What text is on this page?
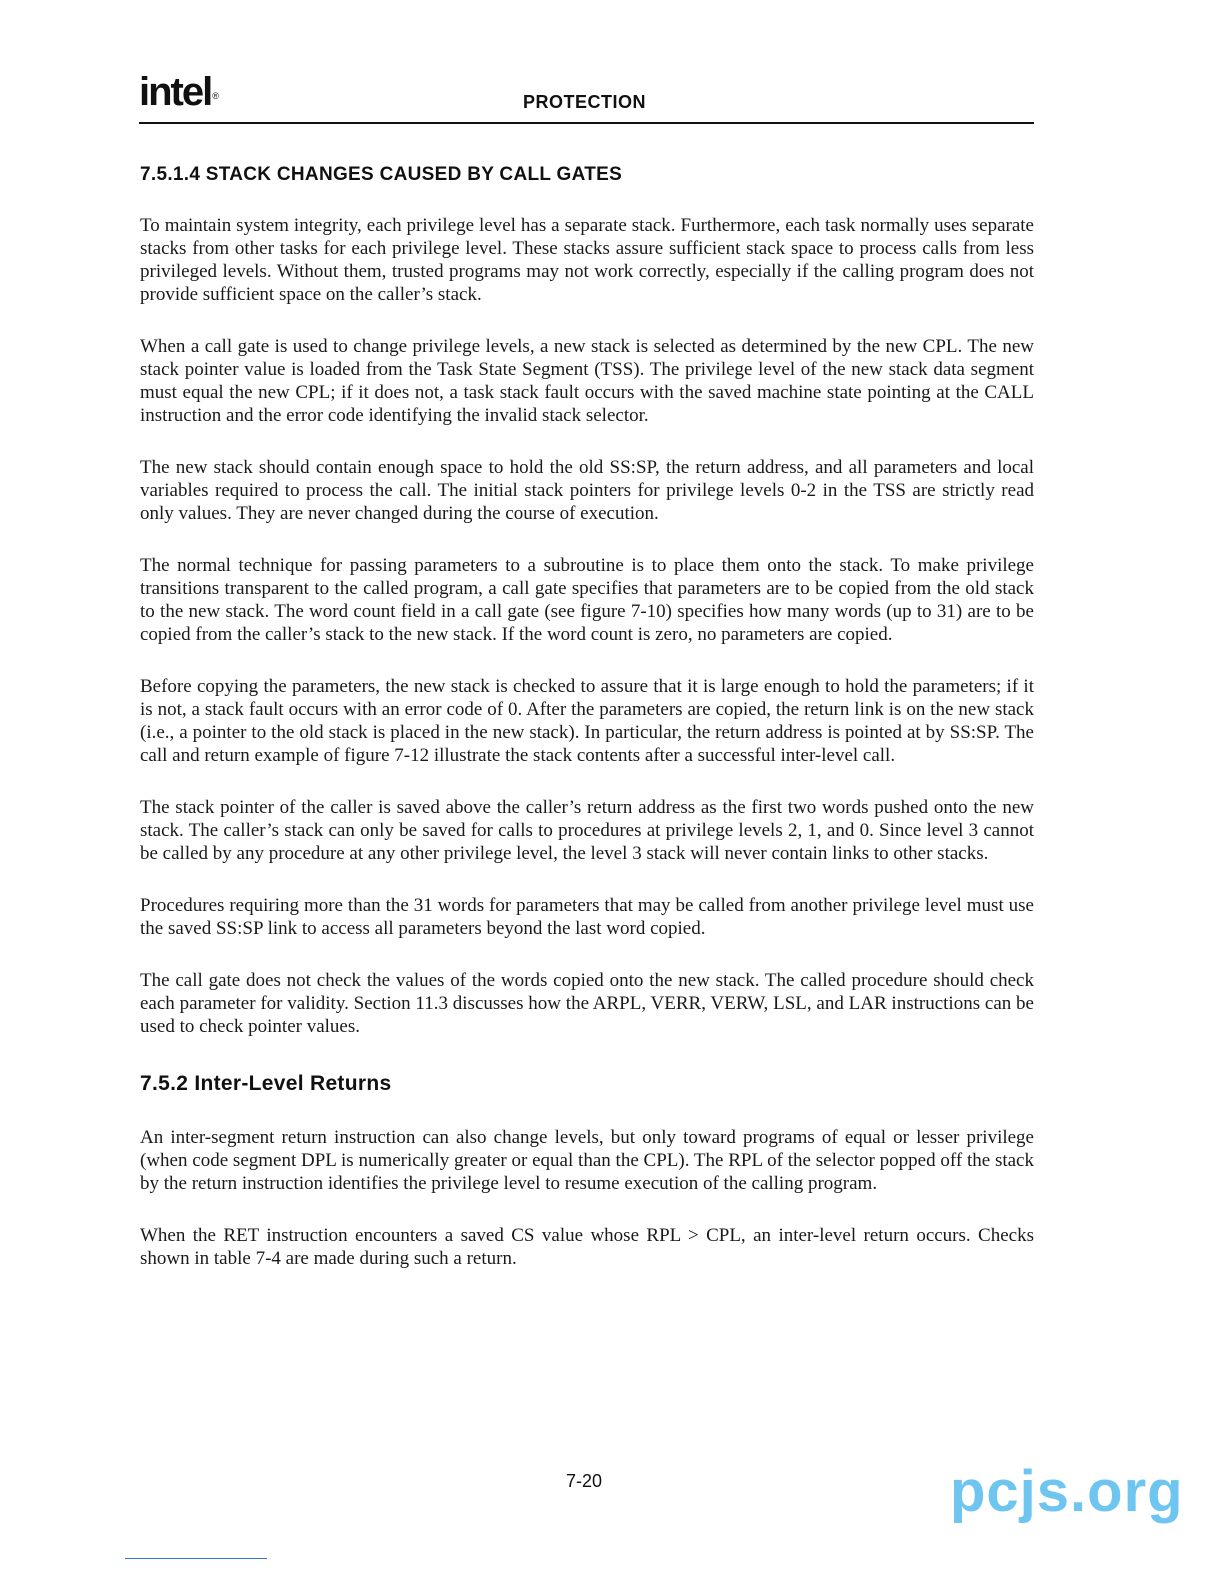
intel®	PROTECTION
7.5.1.4 STACK CHANGES CAUSED BY CALL GATES

To maintain system integrity, each privilege level has a separate stack. Furthermore, each task normally uses separate stacks from other tasks for each privilege level. These stacks assure sufficient stack space to process calls from less privileged levels. Without them, trusted programs may not work correctly, especially if the calling program does not provide sufficient space on the caller’s stack.

When a call gate is used to change privilege levels, a new stack is selected as determined by the new CPL. The new stack pointer value is loaded from the Task State Segment (TSS). The privilege level of the new stack data segment must equal the new CPL; if it does not, a task stack fault occurs with the saved machine state pointing at the CALL instruction and the error code identifying the invalid stack selector.

The new stack should contain enough space to hold the old SS:SP, the return address, and all parameters and local variables required to process the call. The initial stack pointers for privilege levels 0-2 in the TSS are strictly read only values. They are never changed during the course of execution.

The normal technique for passing parameters to a subroutine is to place them onto the stack. To make privilege transitions transparent to the called program, a call gate specifies that parameters are to be copied from the old stack to the new stack. The word count field in a call gate (see figure 7-10) specifies how many words (up to 31) are to be copied from the caller’s stack to the new stack. If the word count is zero, no parameters are copied.

Before copying the parameters, the new stack is checked to assure that it is large enough to hold the parameters; if it is not, a stack fault occurs with an error code of 0. After the parameters are copied, the return link is on the new stack (i.e., a pointer to the old stack is placed in the new stack). In particular, the return address is pointed at by SS:SP. The call and return example of figure 7-12 illustrate the stack contents after a successful inter-level call.

The stack pointer of the caller is saved above the caller’s return address as the first two words pushed onto the new stack. The caller’s stack can only be saved for calls to procedures at privilege levels 2, 1, and 0. Since level 3 cannot be called by any procedure at any other privilege level, the level 3 stack will never contain links to other stacks.

Procedures requiring more than the 31 words for parameters that may be called from another privilege level must use the saved SS:SP link to access all parameters beyond the last word copied.

The call gate does not check the values of the words copied onto the new stack. The called procedure should check each parameter for validity. Section 11.3 discusses how the ARPL, VERR, VERW, LSL, and LAR instructions can be used to check pointer values.

7.5.2 Inter-Level Returns

An inter-segment return instruction can also change levels, but only toward programs of equal or lesser privilege (when code segment DPL is numerically greater or equal than the CPL). The RPL of the selector popped off the stack by the return instruction identifies the privilege level to resume execution of the calling program.

When the RET instruction encounters a saved CS value whose RPL > CPL, an inter-level return occurs. Checks shown in table 7-4 are made during such a return.

7-20	pcjs.org
